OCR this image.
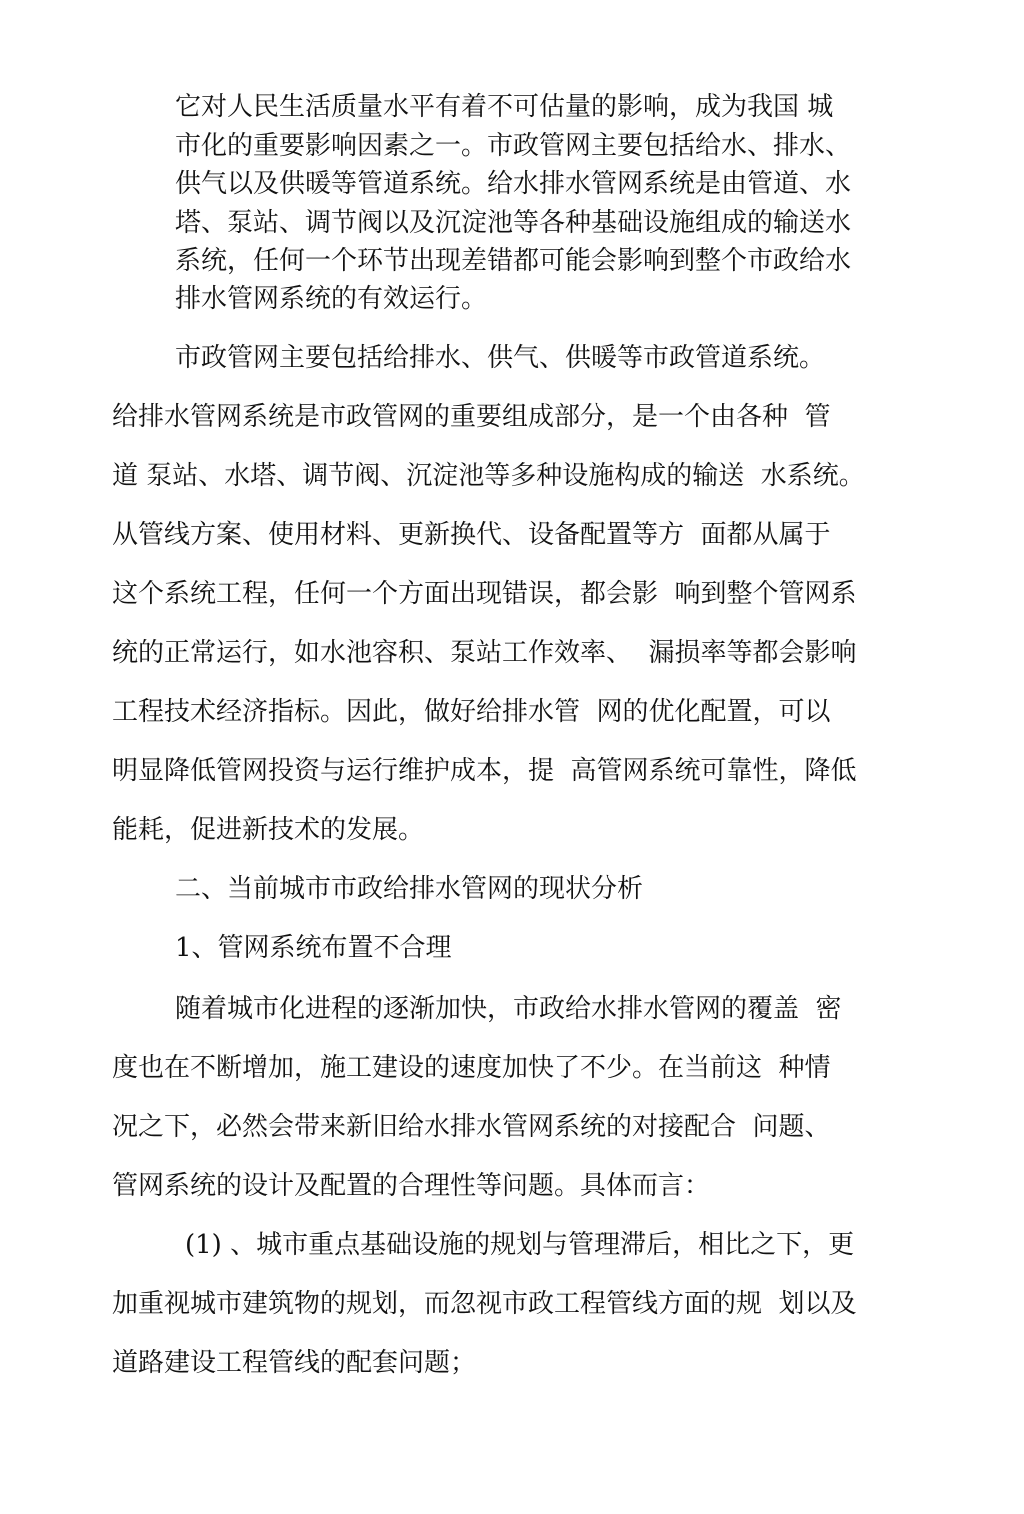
它对人民生活质量水平有着不可估量的影响，成为我国 城

市化的重要影响因素之一。市政管网主要包括给水、排水、

供气以及供暖等管道系统。给水排水管网系统是由管道、水

塔、泵站、调节阀以及沉淀池等各种基础设施组成的输送水

系统，任何一个环节出现差错都可能会影响到整个市政给水

排水管网系统的有效运行。

市政管网主要包括给排水、供气、供暖等市政管道系统。

给排水管网系统是市政管网的重要组成部分，是一个由各种  管

道 泵站、水塔、调节阀、沉淀池等多种设施构成的输送  水系统。

从管线方案、使用材料、更新换代、设备配置等方  面都从属于

这个系统工程，任何一个方面出现错误，都会影  响到整个管网系

统的正常运行，如水池容积、泵站工作效率、  漏损率等都会影响

工程技术经济指标。因此，做好给排水管  网的优化配置，可以

明显降低管网投资与运行维护成本，提  高管网系统可靠性，降低

能耗，促进新技术的发展。

二、当前城市市政给排水管网的现状分析

1、管网系统布置不合理

随着城市化进程的逐渐加快，市政给水排水管网的覆盖  密

度也在不断增加，施工建设的速度加快了不少。在当前这  种情

况之下，必然会带来新旧给水排水管网系统的对接配合  问题、

管网系统的设计及配置的合理性等问题。具体而言：

(1) 、城市重点基础设施的规划与管理滞后，相比之下，更

加重视城市建筑物的规划，而忽视市政工程管线方面的规  划以及

道路建设工程管线的配套问题；
